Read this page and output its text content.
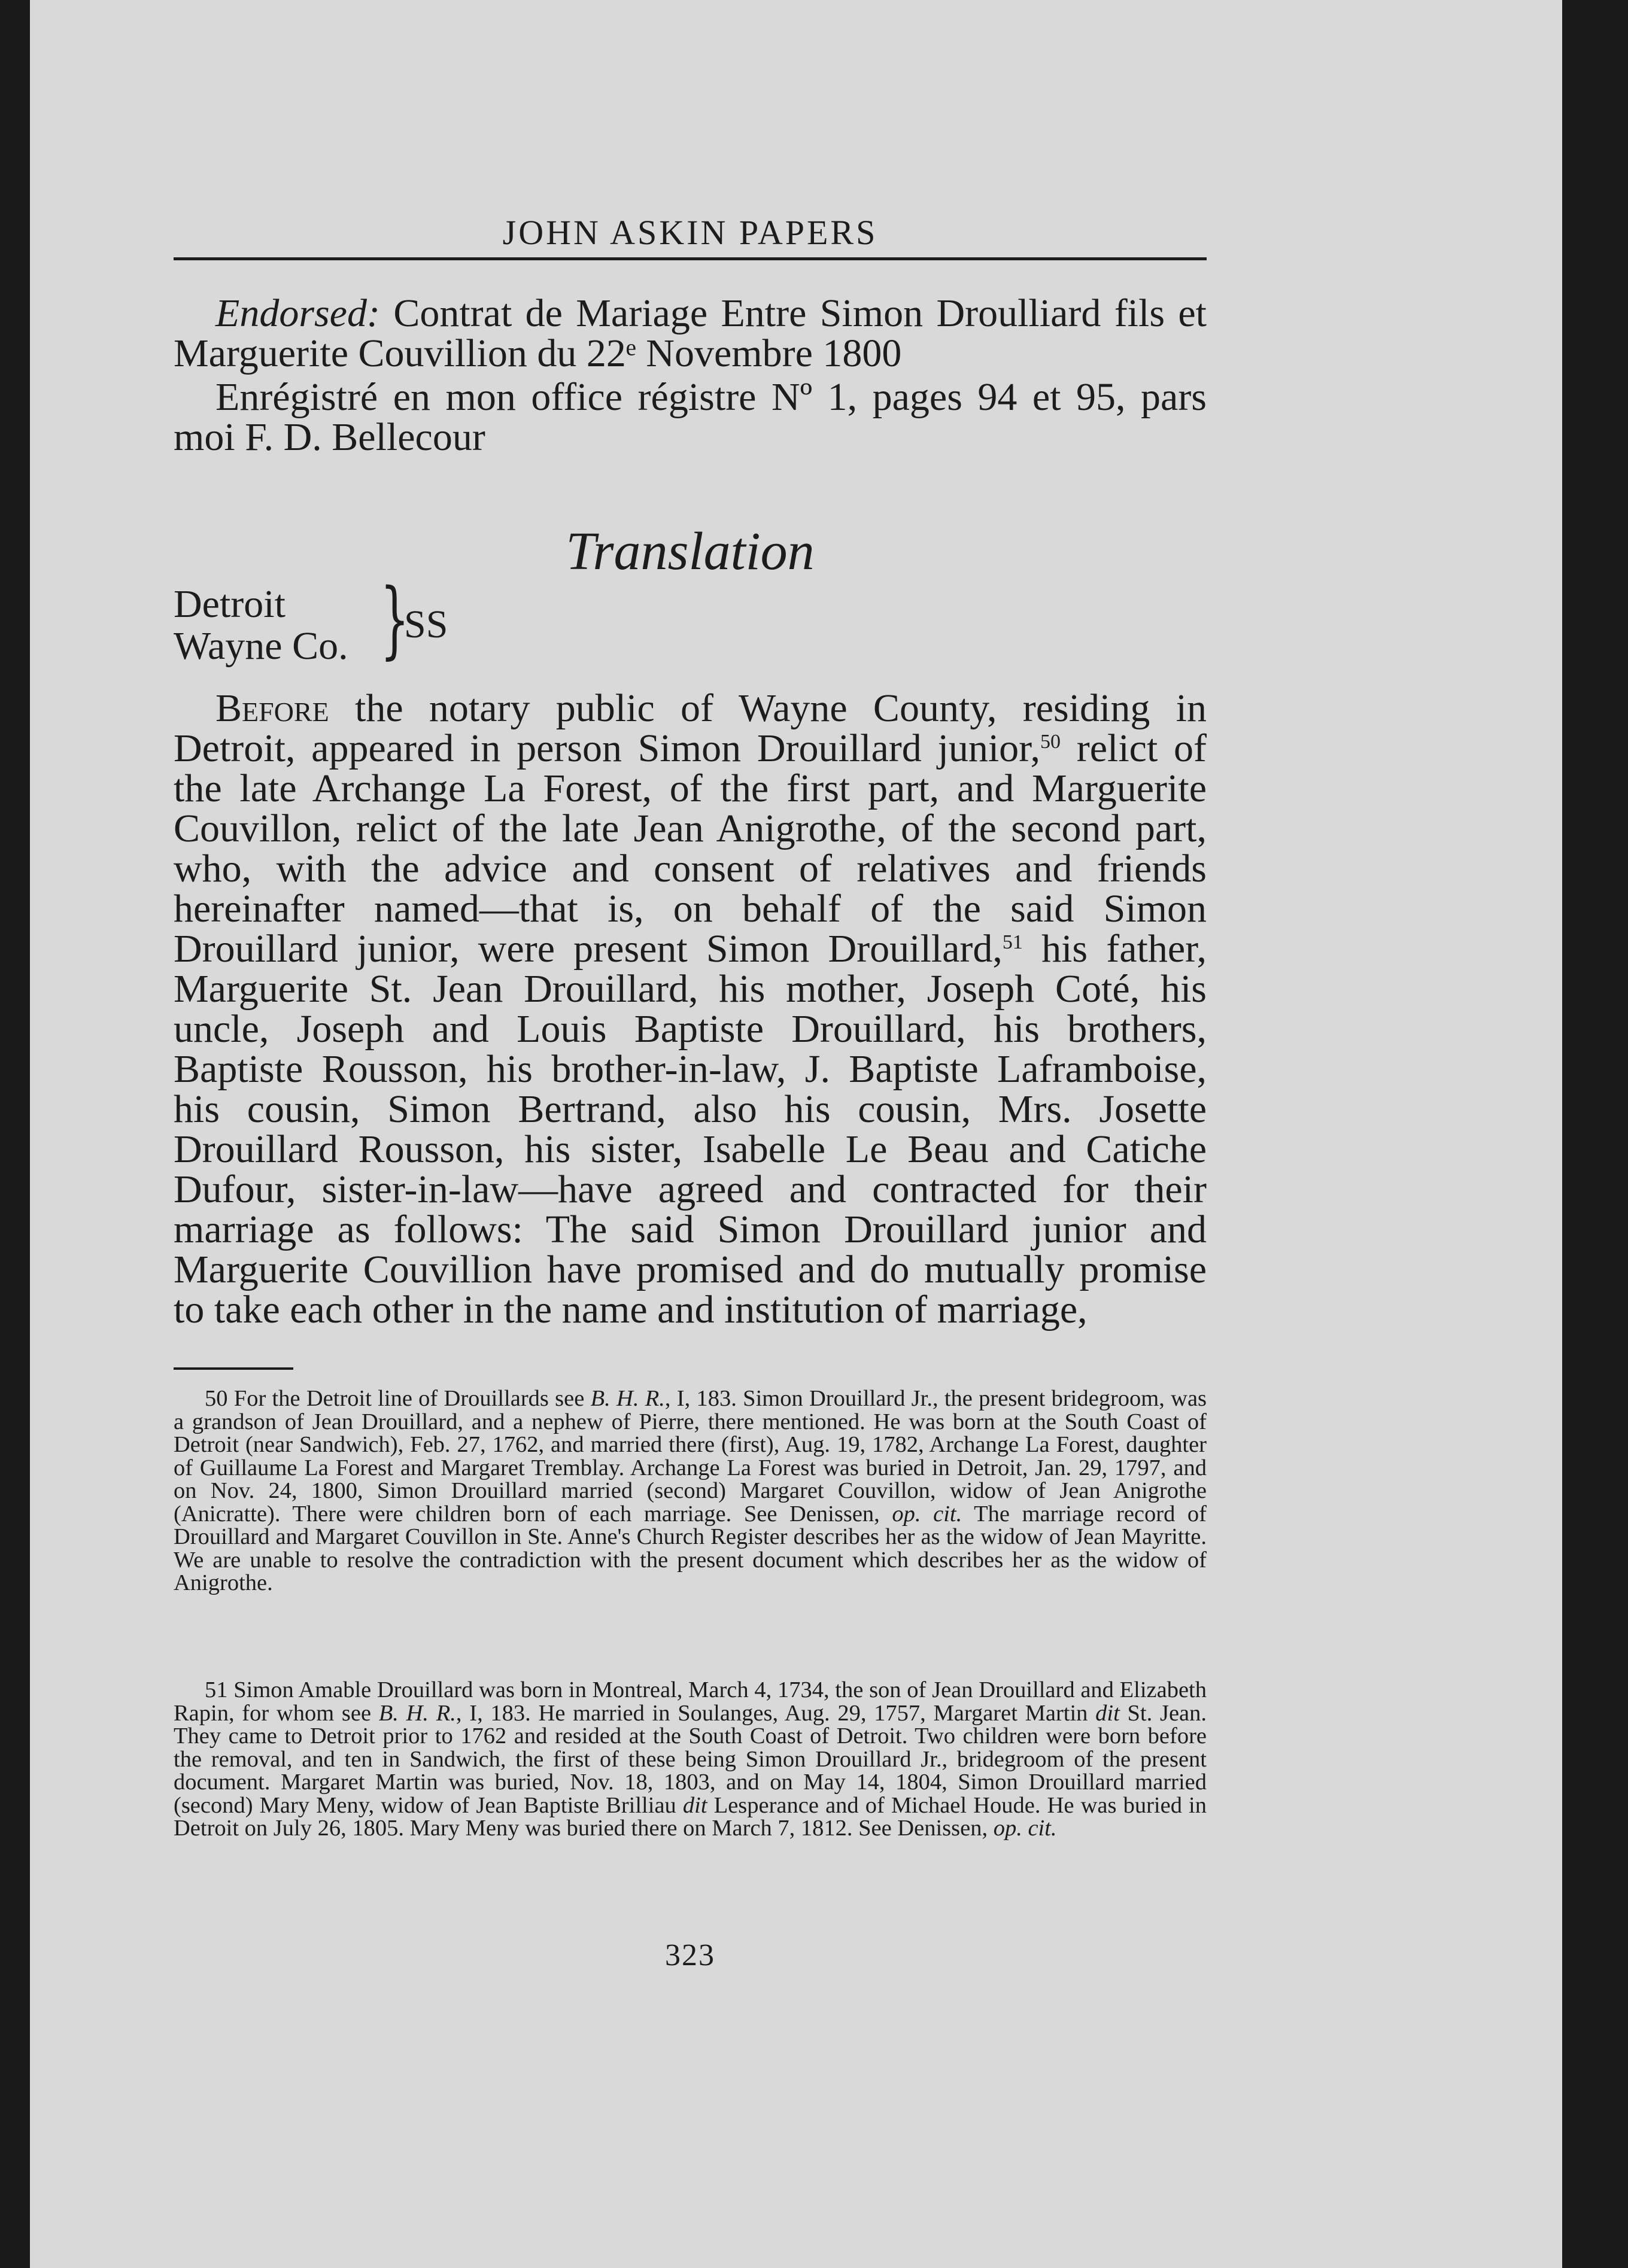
JOHN ASKIN PAPERS

Endorsed: Contrat de Mariage Entre Simon Droulliard fils et Marguerite Couvillion du 22ᵉ Novembre 1800

Enrégistré en mon office régistre Nº 1, pages 94 et 95, pars moi F. D. Bellecour

Translation
Detroit
Wayne Co. }
SS

Before the notary public of Wayne County, residing in Detroit, appeared in person Simon Drouillard junior,$^{50}$ relict of the late Archange La Forest, of the first part, and Marguerite Couvillon, relict of the late Jean Anigrothe, of the second part, who, with the advice and consent of relatives and friends hereinafter named—that is, on behalf of the said Simon Drouillard junior, were present Simon Drouillard,$^{51}$ his father, Marguerite St. Jean Drouillard, his mother, Joseph Coté, his uncle, Joseph and Louis Baptiste Drouillard, his brothers, Baptiste Rousson, his brother-in-law, J. Baptiste Laframboise, his cousin, Simon Bertrand, also his cousin, Mrs. Josette Drouillard Rousson, his sister, Isabelle Le Beau and Catiche Dufour, sister-in-law—have agreed and contracted for their marriage as follows: The said Simon Drouillard junior and Marguerite Couvillion have promised and do mutually promise to take each other in the name and institution of marriage,

50 For the Detroit line of Drouillards see B. H. R., I, 183. Simon Drouillard Jr., the present bridegroom, was a grandson of Jean Drouillard, and a nephew of Pierre, there mentioned. He was born at the South Coast of Detroit (near Sandwich), Feb. 27, 1762, and married there (first), Aug. 19, 1782, Archange La Forest, daughter of Guillaume La Forest and Margaret Tremblay. Archange La Forest was buried in Detroit, Jan. 29, 1797, and on Nov. 24, 1800, Simon Drouillard married (second) Margaret Couvillon, widow of Jean Anigrothe (Anicratte). There were children born of each marriage. See Denissen, op. cit. The marriage record of Drouillard and Margaret Couvillon in Ste. Anne's Church Register describes her as the widow of Jean Mayritte. We are unable to resolve the contradiction with the present document which describes her as the widow of Anigrothe.

51 Simon Amable Drouillard was born in Montreal, March 4, 1734, the son of Jean Drouillard and Elizabeth Rapin, for whom see B. H. R., I, 183. He married in Soulanges, Aug. 29, 1757, Margaret Martin dit St. Jean. They came to Detroit prior to 1762 and resided at the South Coast of Detroit. Two children were born before the removal, and ten in Sandwich, the first of these being Simon Drouillard Jr., bridegroom of the present document. Margaret Martin was buried, Nov. 18, 1803, and on May 14, 1804, Simon Drouillard married (second) Mary Meny, widow of Jean Baptiste Brilliau dit Lesperance and of Michael Houde. He was buried in Detroit on July 26, 1805. Mary Meny was buried there on March 7, 1812. See Denissen, op. cit.

323
